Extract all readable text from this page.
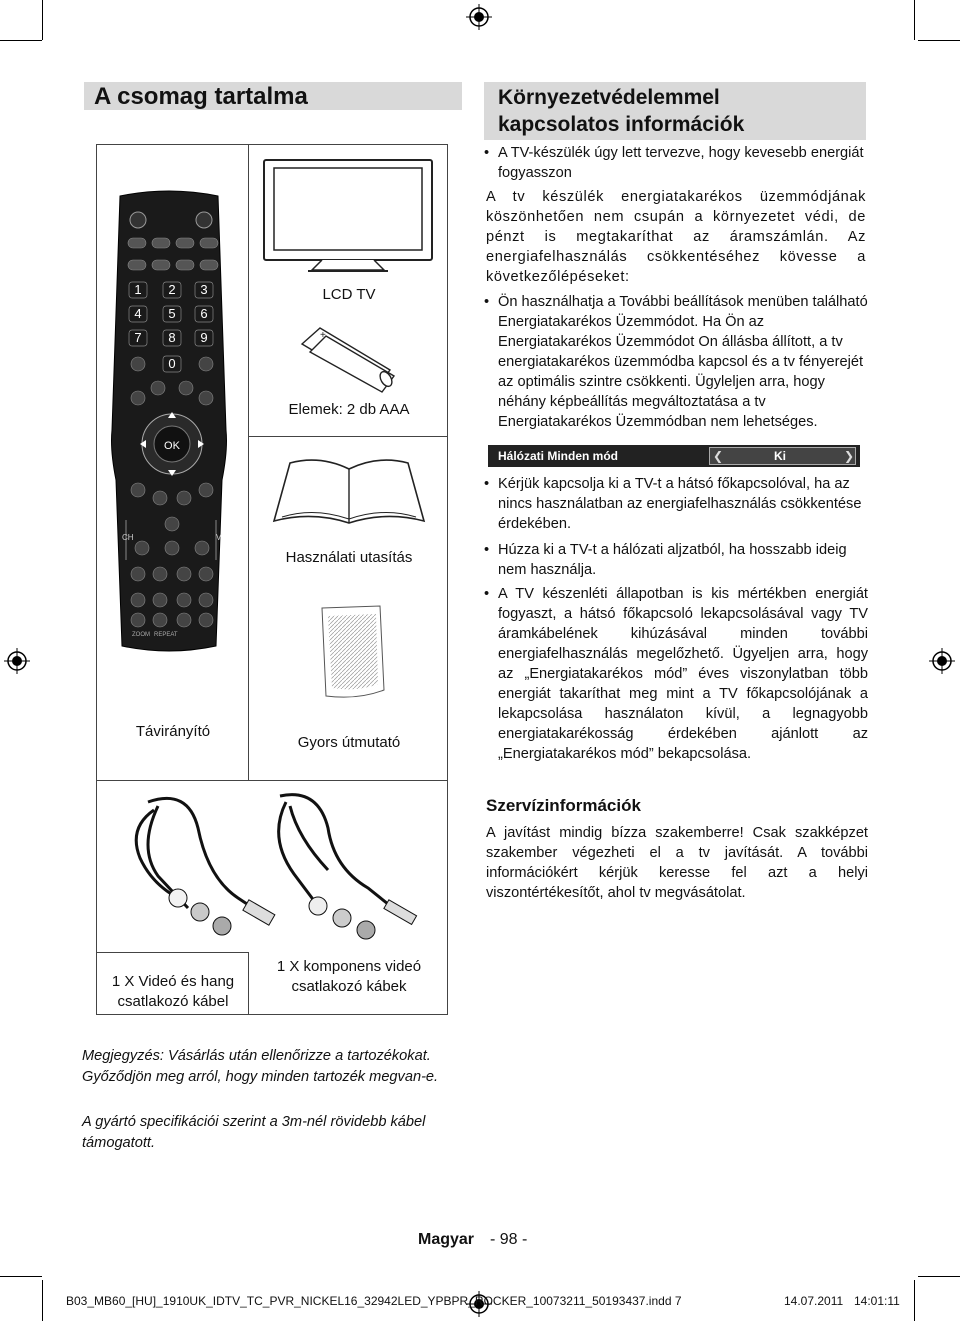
A csomag tartalma	Környezetvédelemmel kapcsolatos információk
1 2 3
4 5 6
7 8 9
0
OK
CH	V
ZOOM REPEAT
Távirányító
LCD TV
+
Elemek: 2 db AAA
Használati utasítás
Gyors útmutató
1 X Videó és hang csatlakozó kábel
1 X komponens videó csatlakozó kábek
• A TV-készülék úgy lett tervezve, hogy kevesebb energiát fogyasszon
A tv készülék energiatakarékos üzemmódjának köszönhetően nem csupán a környezetet védi, de pénzt is megtakaríthat az áramszámlán. Az energiafelhasználás csökkentéséhez kövesse a következőlépéseket:
• Ön használhatja a További beállítások menüben található Energiatakarékos Üzemmódot. Ha Ön az Energiatakarékos Üzemmódot On állásba állított, a tv energiatakarékos üzemmódba kapcsol és a tv fényerejét az optimális szintre csökkenti. Ügyleljen arra, hogy néhány képbeállítás megváltoztatása a tv Energiatakarékos Üzemmódban nem lehetséges.
Hálózati Minden mód	❮	Ki	❯
• Kérjük kapcsolja ki a TV-t a hátsó főkapcsolóval, ha az nincs használatban az energiafelhasználás csökkentése érdekében.
• Húzza ki a TV-t a hálózati aljzatból, ha hosszabb ideig nem használja.
• A TV készenléti állapotban is kis mértékben energiát fogyaszt, a hátsó főkapcsoló lekapcsolásával vagy TV áramkábelének kihúzásával minden további energiafelhasználás megelőzhető. Ügyeljen arra, hogy az „Energiatakarékos mód” éves viszonylatban több energiát takaríthat meg mint a TV főkapcsolójának a lekapcsolása használaton kívül, a legnagyobb energiatakarékosság érdekében ajánlott az „Energiatakarékos mód” bekapcsolása.
Szervízinformációk
A javítást mindig bízza szakemberre! Csak szakképzet szakember végezheti el a tv javítását. A további információkért kérjük keresse fel azt a helyi viszontértékesítőt, ahol tv megvásátolat.
Megjegyzés: Vásárlás után ellenőrizze a tartozékokat. Győződjön meg arról, hogy minden tartozék megvan-e.
A gyártó specifikációi szerint a 3m-nél rövidebb kábel támogatott.
Magyar - 98 -
B03_MB60_[HU]_1910UK_IDTV_TC_PVR_NICKEL16_32942LED_YPBPR_ROCKER_10073211_50193437.indd 7	14.07.2011 14:01:11
